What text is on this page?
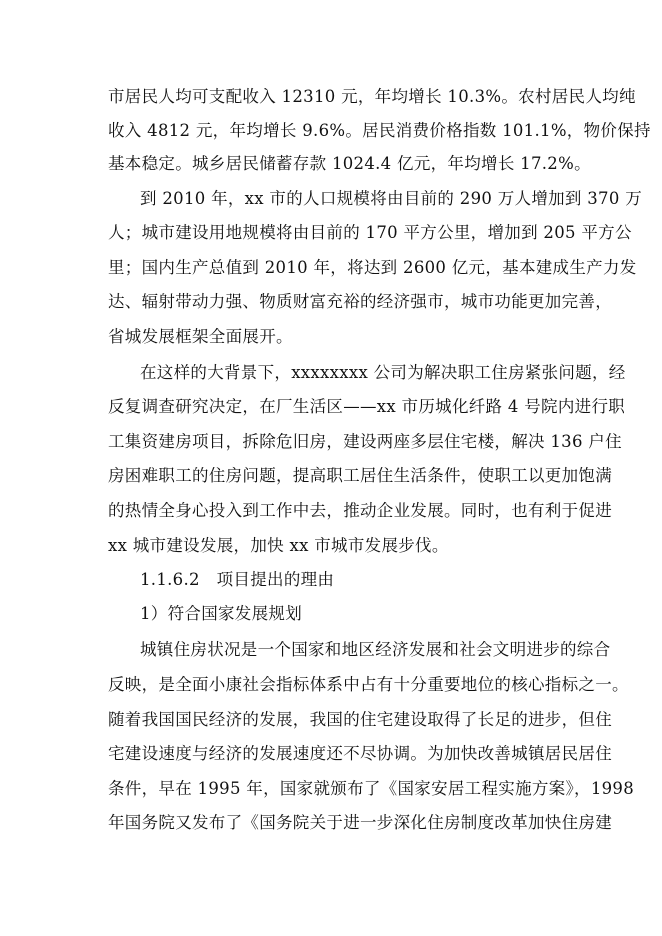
市居民人均可支配收入 12310 元，年均增长 10.3%。农村居民人均纯
收入 4812 元，年均增长 9.6%。居民消费价格指数 101.1%，物价保持
基本稳定。城乡居民储蓄存款 1024.4 亿元，年均增长 17.2%。
到 2010 年，xx 市的人口规模将由目前的 290 万人增加到 370 万
人；城市建设用地规模将由目前的 170 平方公里，增加到 205 平方公
里；国内生产总值到 2010 年，将达到 2600 亿元，基本建成生产力发
达、辐射带动力强、物质财富充裕的经济强市，城市功能更加完善，
省城发展框架全面展开。
在这样的大背景下，xxxxxxxx 公司为解决职工住房紧张问题，经
反复调查研究决定，在厂生活区——xx 市历城化纤路 4 号院内进行职
工集资建房项目，拆除危旧房，建设两座多层住宅楼，解决 136 户住
房困难职工的住房问题，提高职工居住生活条件，使职工以更加饱满
的热情全身心投入到工作中去，推动企业发展。同时，也有利于促进
xx 城市建设发展，加快 xx 市城市发展步伐。
1.1.6.2　项目提出的理由
1）符合国家发展规划
城镇住房状况是一个国家和地区经济发展和社会文明进步的综合
反映，是全面小康社会指标体系中占有十分重要地位的核心指标之一。
随着我国国民经济的发展，我国的住宅建设取得了长足的进步，但住
宅建设速度与经济的发展速度还不尽协调。为加快改善城镇居民居住
条件，早在 1995 年，国家就颁布了《国家安居工程实施方案》，1998
年国务院又发布了《国务院关于进一步深化住房制度改革加快住房建
